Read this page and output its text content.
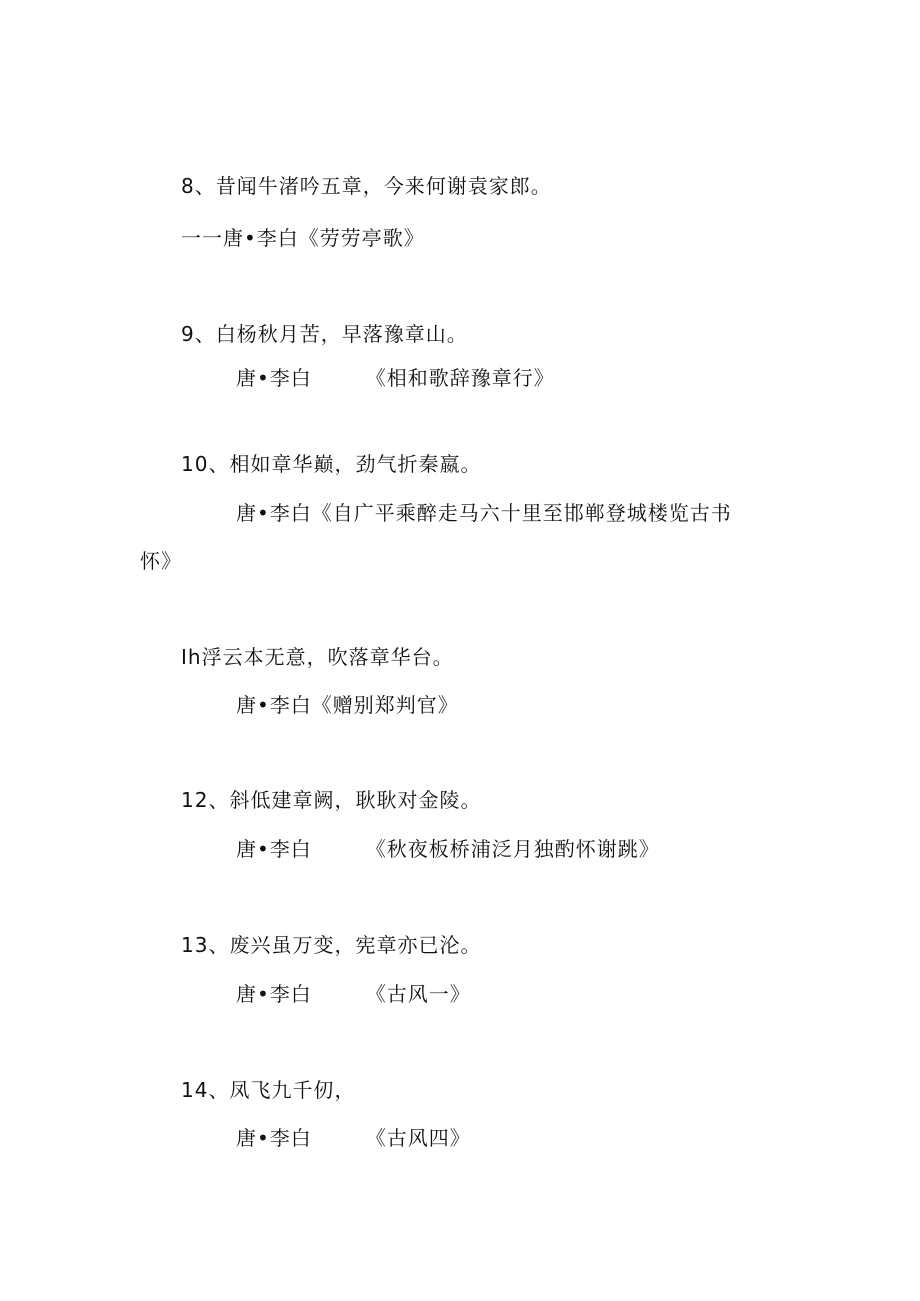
8、昔闻牛渚吟五章，今来何谢袁家郎。
一一唐•李白《劳劳亭歌》
9、白杨秋月苦，早落豫章山。
唐•李白	《相和歌辞豫章行》
10、相如章华巅，劲气折秦嬴。
唐•李白《自广平乘醉走马六十里至邯郸登城楼览古书
怀》
Ih浮云本无意，吹落章华台。
唐•李白《赠别郑判官》
12、斜低建章阙，耿耿对金陵。
唐•李白	《秋夜板桥浦泛月独酌怀谢跳》
13、废兴虽万变，宪章亦已沦。
唐•李白	《古风一》
14、凤飞九千仞，
唐•李白	《古风四》
